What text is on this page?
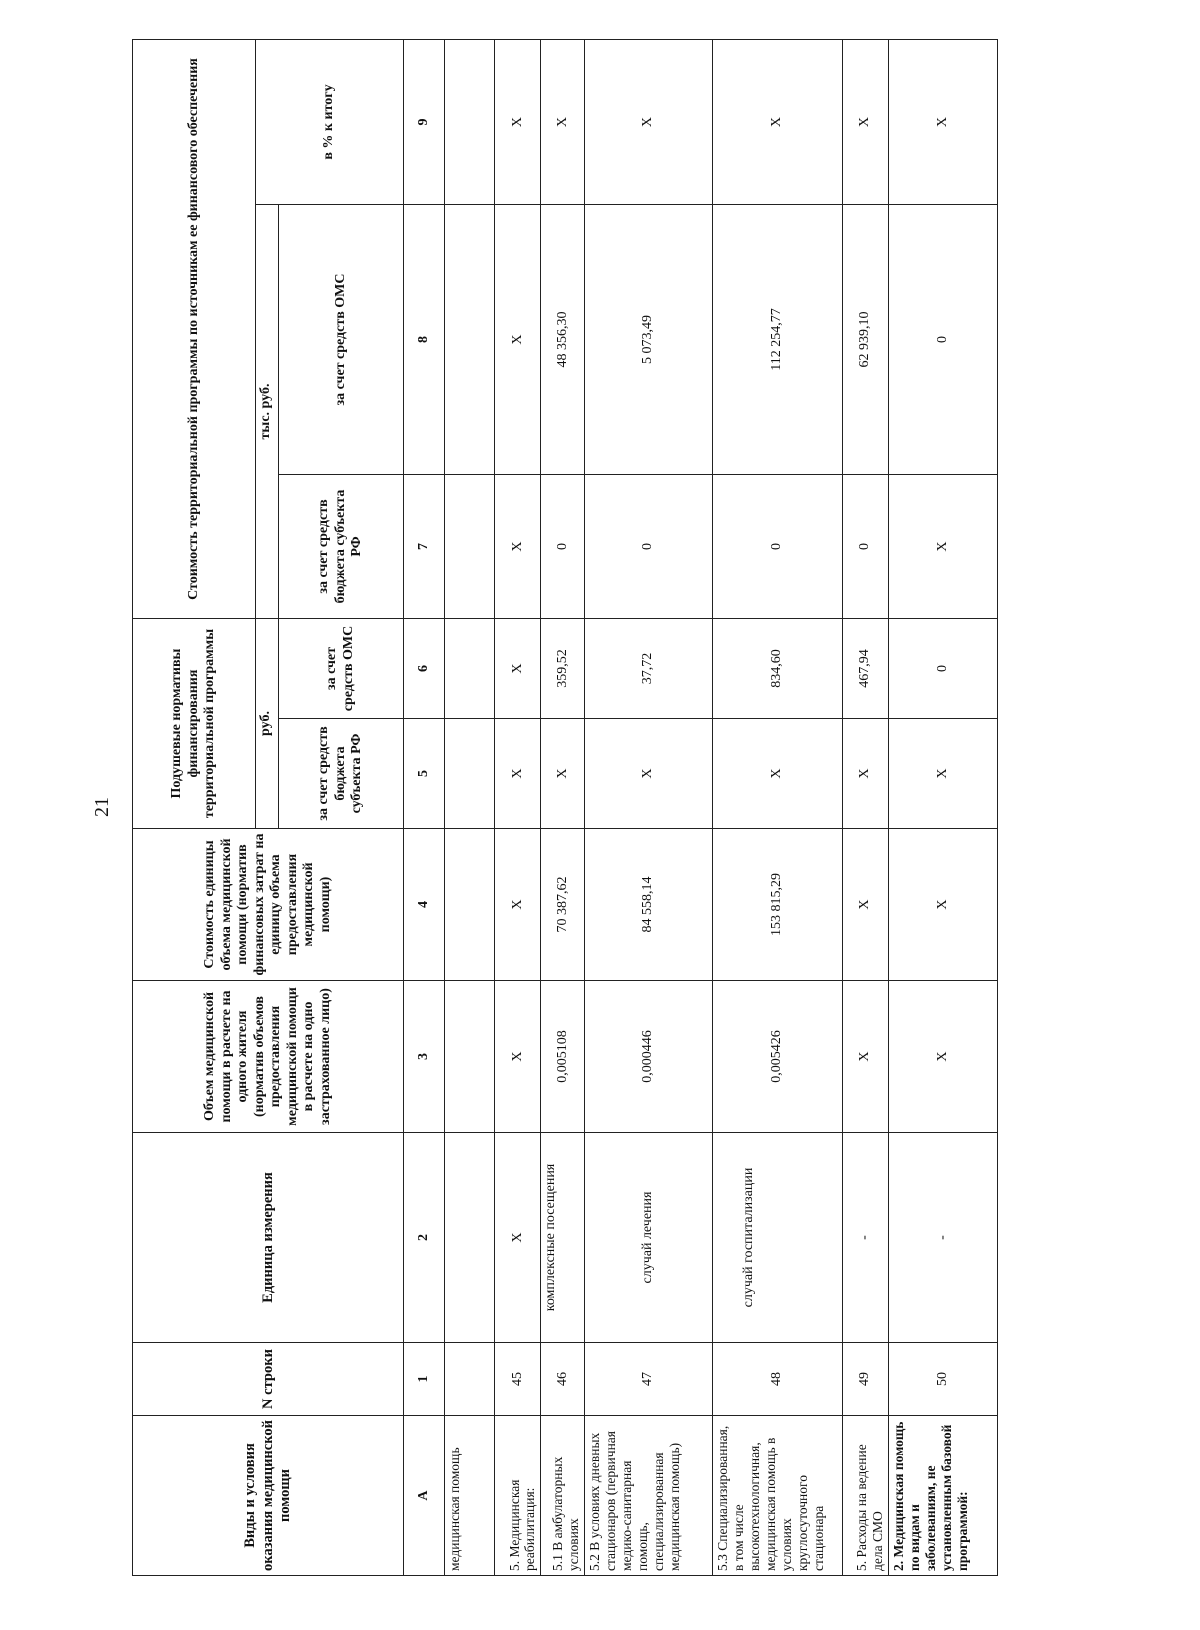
21
Виды и условия оказания медицинской помощи	N строки	Единица измерения	Объем медицинской помощи в расчете на одного жителя (норматив объемов предоставления медицинской помощи в расчете на одно застрахованное лицо)	Стоимость единицы объема медицинской помощи (норматив финансовых затрат на единицу объема предоставления медицинской помощи)	Подушевые нормативы финансирования территориальной программы		Стоимость территориальной программы по источникам ее финансового обеспечения		
					руб.		тыс. руб.		в % к итогу
					за счет средств бюджета субъекта РФ	за счет средств ОМС	за счет средств бюджета субъекта РФ	за счет средств ОМС	
А	1	2	3	4	5	6	7	8	9
медицинская помощь									
5. Медицинская реабилитация:	45	X	X	X	X	X	X	X	X
5.1 В амбулаторных условиях	46	комплексные посещения	0,005108	70 387,62	X	359,52	0	48 356,30	X
5.2 В условиях дневных стационаров (первичная медико-санитарная помощь, специализированная медицинская помощь)	47	случай лечения	0,000446	84 558,14	X	37,72	0	5 073,49	X
5.3 Специализированная, в том числе высокотехнологичная, медицинская помощь в условиях круглосуточного стационара	48	случай госпитализации	0,005426	153 815,29	X	834,60	0	112 254,77	X
5. Расходы на ведение дела СМО	49	-	X	X	X	467,94	0	62 939,10	X
2. Медицинская помощь по видам и заболеваниям, не установленным базовой программой:	50	-	X	X	X	0	X	0	X
